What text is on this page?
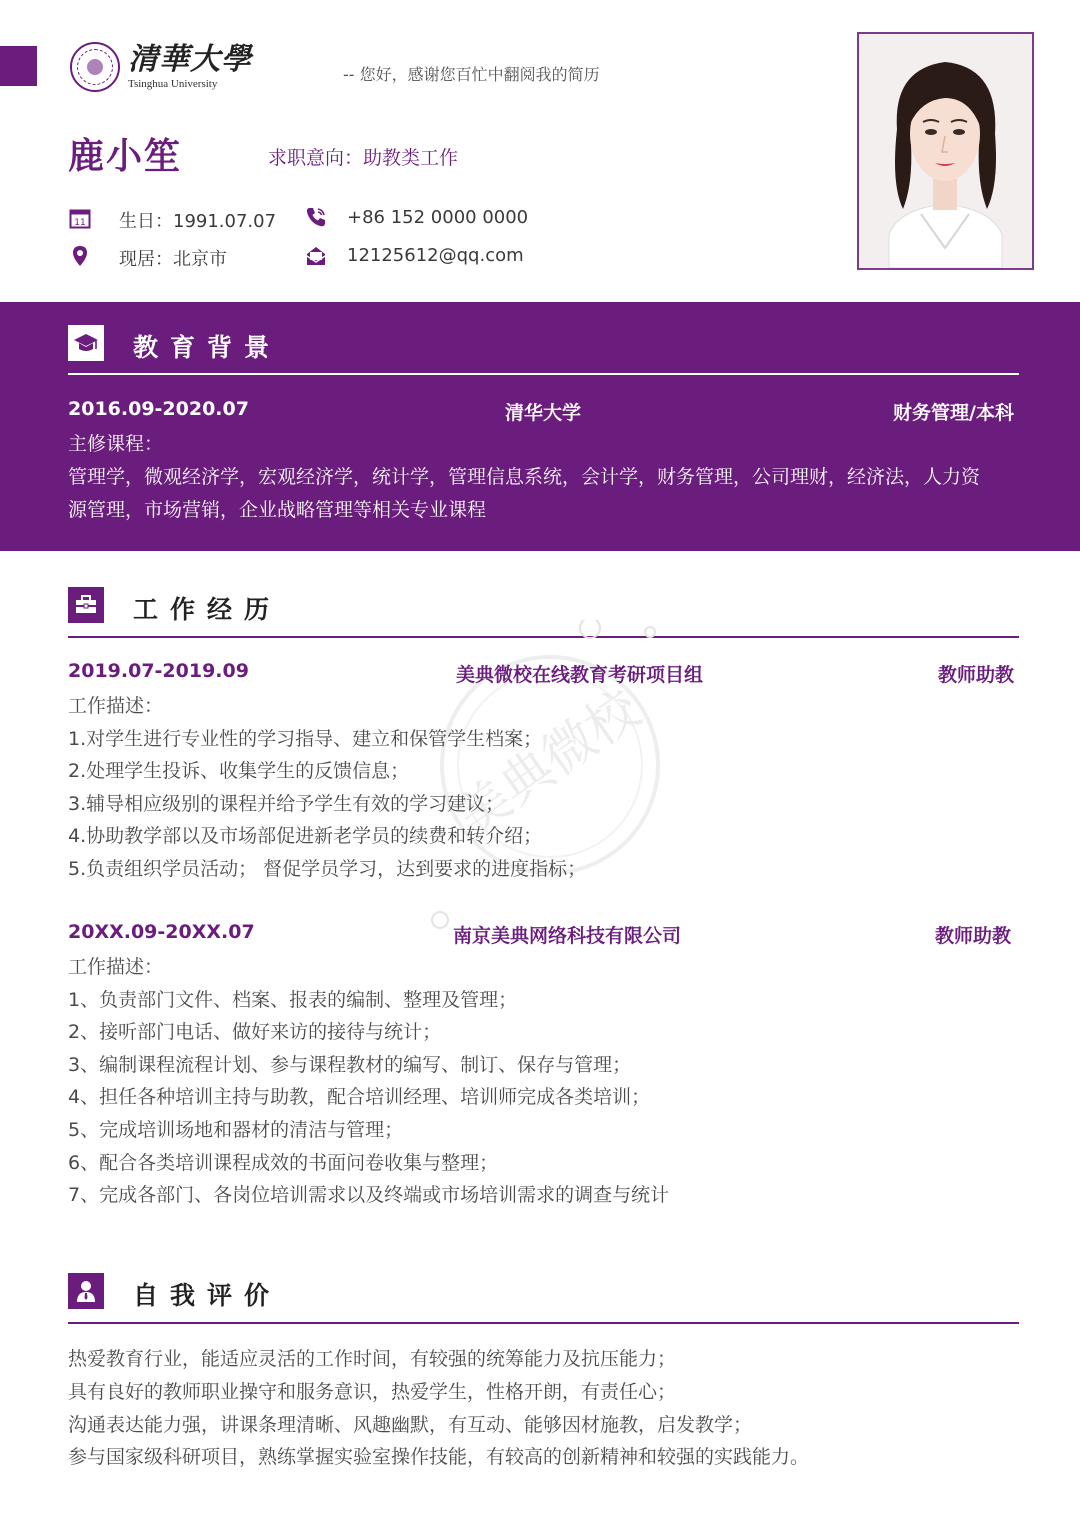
清華大學
Tsinghua University	-- 您好，感谢您百忙中翻阅我的简历
鹿小笙	求职意向：助教类工作
11 生日：1991.07.07	+86 152 0000 0000
现居：北京市	12125612@qq.com
教育背景
2016.09-2020.07	清华大学	财务管理/本科
主修课程：
管理学，微观经济学，宏观经济学，统计学，管理信息系统，会计学，财务管理，公司理财，经济法，人力资
源管理，市场营销，企业战略管理等相关专业课程
工作经历
美典微校
2019.07-2019.09	美典微校在线教育考研项目组	教师助教
工作描述：
1.对学生进行专业性的学习指导、建立和保管学生档案；
2.处理学生投诉、收集学生的反馈信息；
3.辅导相应级别的课程并给予学生有效的学习建议；
4.协助教学部以及市场部促进新老学员的续费和转介绍；
5.负责组织学员活动； 督促学员学习，达到要求的进度指标；
20XX.09-20XX.07	南京美典网络科技有限公司	教师助教
工作描述：
1、负责部门文件、档案、报表的编制、整理及管理；
2、接听部门电话、做好来访的接待与统计；
3、编制课程流程计划、参与课程教材的编写、制订、保存与管理；
4、担任各种培训主持与助教，配合培训经理、培训师完成各类培训；
5、完成培训场地和器材的清洁与管理；
6、配合各类培训课程成效的书面问卷收集与整理；
7、完成各部门、各岗位培训需求以及终端或市场培训需求的调查与统计
自我评价
热爱教育行业，能适应灵活的工作时间，有较强的统筹能力及抗压能力；
具有良好的教师职业操守和服务意识，热爱学生，性格开朗，有责任心；
沟通表达能力强，讲课条理清晰、风趣幽默，有互动、能够因材施教，启发教学；
参与国家级科研项目，熟练掌握实验室操作技能，有较高的创新精神和较强的实践能力。
